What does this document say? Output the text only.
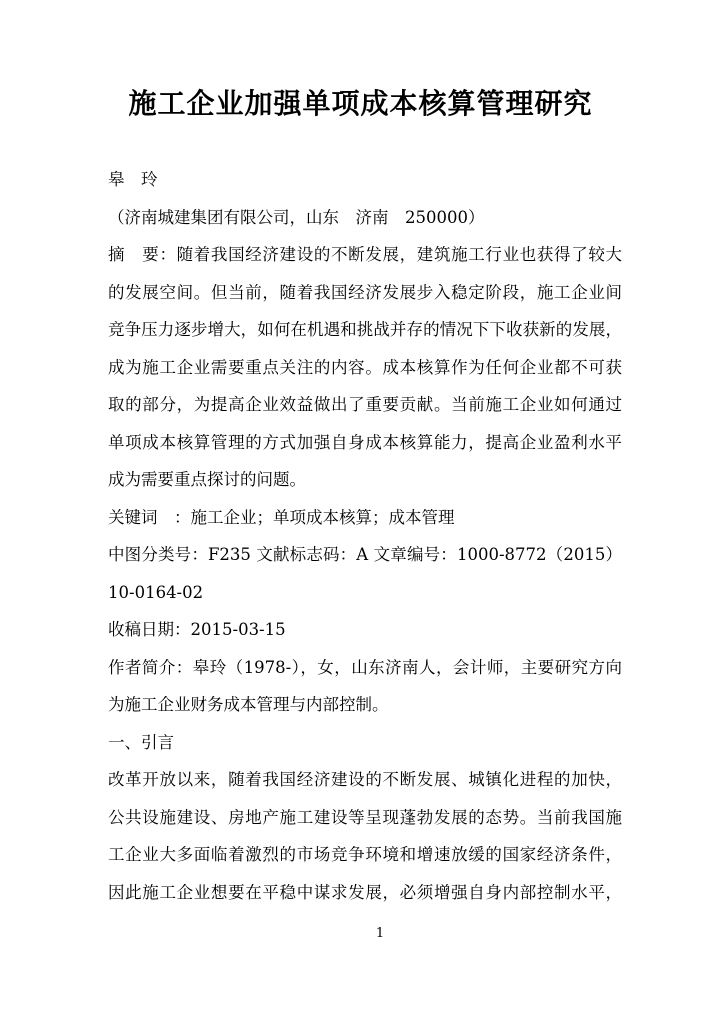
施工企业加强单项成本核算管理研究
皋　玲
（济南城建集团有限公司，山东　济南　250000）
摘　要：随着我国经济建设的不断发展，建筑施工行业也获得了较大
的发展空间。但当前，随着我国经济发展步入稳定阶段，施工企业间
竞争压力逐步增大，如何在机遇和挑战并存的情况下下收获新的发展，
成为施工企业需要重点关注的内容。成本核算作为任何企业都不可获
取的部分，为提高企业效益做出了重要贡献。当前施工企业如何通过
单项成本核算管理的方式加强自身成本核算能力，提高企业盈利水平
成为需要重点探讨的问题。
关键词　：施工企业；单项成本核算；成本管理
中图分类号：F235 文献标志码：A 文章编号：1000-8772（2015）
10-0164-02
收稿日期：2015-03-15
作者简介：皋玲（1978-），女，山东济南人，会计师，主要研究方向
为施工企业财务成本管理与内部控制。
一、引言
改革开放以来，随着我国经济建设的不断发展、城镇化进程的加快，
公共设施建设、房地产施工建设等呈现蓬勃发展的态势。当前我国施
工企业大多面临着激烈的市场竞争环境和增速放缓的国家经济条件，
因此施工企业想要在平稳中谋求发展，必须增强自身内部控制水平，
1
